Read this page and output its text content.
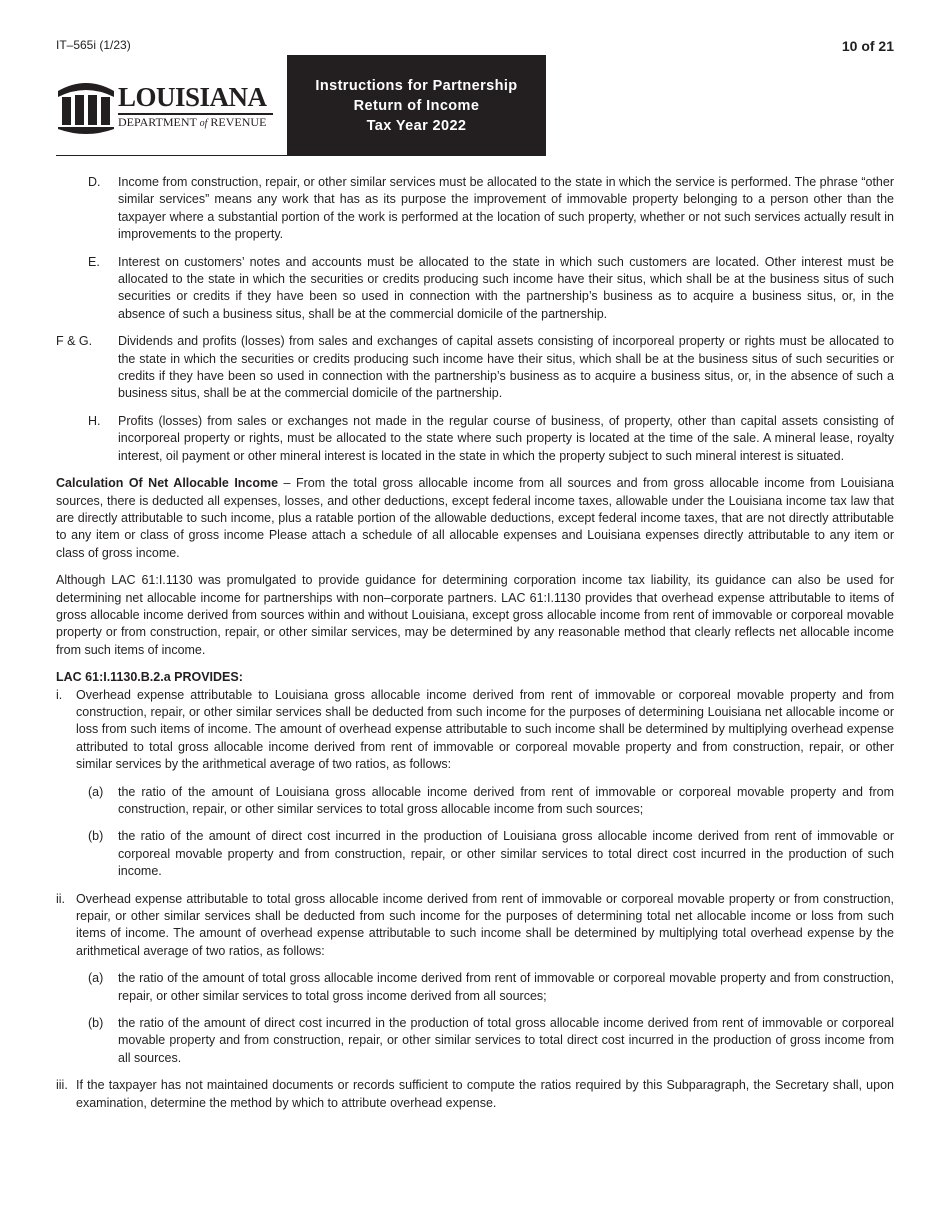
IT–565i (1/23)	10 of 21
LOUISIANA
DEPARTMENT of REVENUE
Instructions for Partnership
Return of Income
Tax Year 2022
D.	Income from construction, repair, or other similar services must be allocated to the state in which the service is performed. The phrase “other similar services” means any work that has as its purpose the improvement of immovable property belonging to a person other than the taxpayer where a substantial portion of the work is performed at the location of such property, whether or not such services actually result in improvements to the property.
E.	Interest on customers’ notes and accounts must be allocated to the state in which such customers are located. Other interest must be allocated to the state in which the securities or credits producing such income have their situs, which shall be at the business situs of such securities or credits if they have been so used in connection with the partnership’s business as to acquire a business situs, or, in the absence of such a business situs, shall be at the commercial domicile of the partnership.
F & G.	Dividends and profits (losses) from sales and exchanges of capital assets consisting of incorporeal property or rights must be allocated to the state in which the securities or credits producing such income have their situs, which shall be at the business situs of such securities or credits if they have been so used in connection with the partnership’s business as to acquire a business situs, or, in the absence of such a business situs, shall be at the commercial domicile of the partnership.
H.	Profits (losses) from sales or exchanges not made in the regular course of business, of property, other than capital assets consisting of incorporeal property or rights, must be allocated to the state where such property is located at the time of the sale. A mineral lease, royalty interest, oil payment or other mineral interest is located in the state in which the property subject to such mineral interest is situated.

Calculation Of Net Allocable Income – From the total gross allocable income from all sources and from gross allocable income from Louisiana sources, there is deducted all expenses, losses, and other deductions, except federal income taxes, allowable under the Louisiana income tax law that are directly attributable to such income, plus a ratable portion of the allowable deductions, except federal income taxes, that are not directly attributable to any item or class of gross income Please attach a schedule of all allocable expenses and Louisiana expenses directly attributable to any item or class of gross income.

Although LAC 61:I.1130 was promulgated to provide guidance for determining corporation income tax liability, its guidance can also be used for determining net allocable income for partnerships with non–corporate partners. LAC 61:I.1130 provides that overhead expense attributable to items of gross allocable income derived from sources within and without Louisiana, except gross allocable income from rent of immovable or corporeal movable property or from construction, repair, or other similar services, may be determined by any reasonable method that clearly reflects net allocable income from such items of income.

LAC 61:I.1130.B.2.a PROVIDES:

i.	Overhead expense attributable to Louisiana gross allocable income derived from rent of immovable or corporeal movable property and from construction, repair, or other similar services shall be deducted from such income for the purposes of determining Louisiana net allocable income or loss from such items of income. The amount of overhead expense attributable to such income shall be determined by multiplying overhead expense attributed to total gross allocable income derived from rent of immovable or corporeal movable property and from construction, repair, or other similar services by the arithmetical average of two ratios, as follows:
(a)	the ratio of the amount of Louisiana gross allocable income derived from rent of immovable or corporeal movable property and from construction, repair, or other similar services to total gross allocable income from such sources;
(b)	the ratio of the amount of direct cost incurred in the production of Louisiana gross allocable income derived from rent of immovable or corporeal movable property and from construction, repair, or other similar services to total direct cost incurred in the production of such income.
ii. Overhead expense attributable to total gross allocable income derived from rent of immovable or corporeal movable property or from construction, repair, or other similar services shall be deducted from such income for the purposes of determining total net allocable income or loss from such items of income. The amount of overhead expense attributable to such income shall be determined by multiplying total overhead expense by the arithmetical average of two ratios, as follows:
(a)	the ratio of the amount of total gross allocable income derived from rent of immovable or corporeal movable property and from construction, repair, or other similar services to total gross income derived from all sources;
(b)	the ratio of the amount of direct cost incurred in the production of total gross allocable income derived from rent of immovable or corporeal movable property and from construction, repair, or other similar services to total direct cost incurred in the production of gross income from all sources.
iii. If the taxpayer has not maintained documents or records sufficient to compute the ratios required by this Subparagraph, the Secretary shall, upon examination, determine the method by which to attribute overhead expense.
